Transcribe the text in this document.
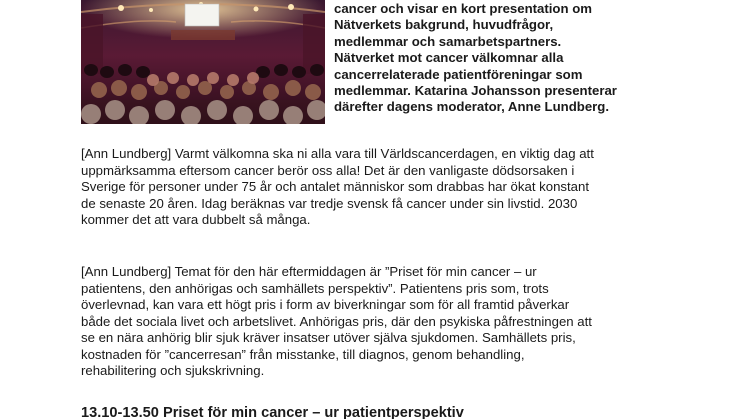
cancer och visar en kort presentation om
Nätverkets bakgrund, huvudfrågor,
medlemmar och samarbetspartners.
Nätverket mot cancer välkomnar alla
cancerrelaterade patientföreningar som
medlemmar. Katarina Johansson presenterar
därefter dagens moderator, Anne Lundberg.

[Ann Lundberg] Varmt välkomna ska ni alla vara till Världscancerdagen, en viktig dag att
uppmärksamma eftersom cancer berör oss alla! Det är den vanligaste dödsorsaken i
Sverige för personer under 75 år och antalet människor som drabbas har ökat konstant
de senaste 20 åren. Idag beräknas var tredje svensk få cancer under sin livstid. 2030
kommer det att vara dubbelt så många.

[Ann Lundberg] Temat för den här eftermiddagen är ”Priset för min cancer – ur
patientens, den anhörigas och samhällets perspektiv”. Patientens pris som, trots
överlevnad, kan vara ett högt pris i form av biverkningar som för all framtid påverkar
både det sociala livet och arbetslivet. Anhörigas pris, där den psykiska påfrestningen att
se en nära anhörig blir sjuk kräver insatser utöver själva sjukdomen. Samhällets pris,
kostnaden för ”cancerresan” från misstanke, till diagnos, genom behandling,
rehabilitering och sjukskrivning.

13.10-13.50 Priset för min cancer – ur patientperspektiv
